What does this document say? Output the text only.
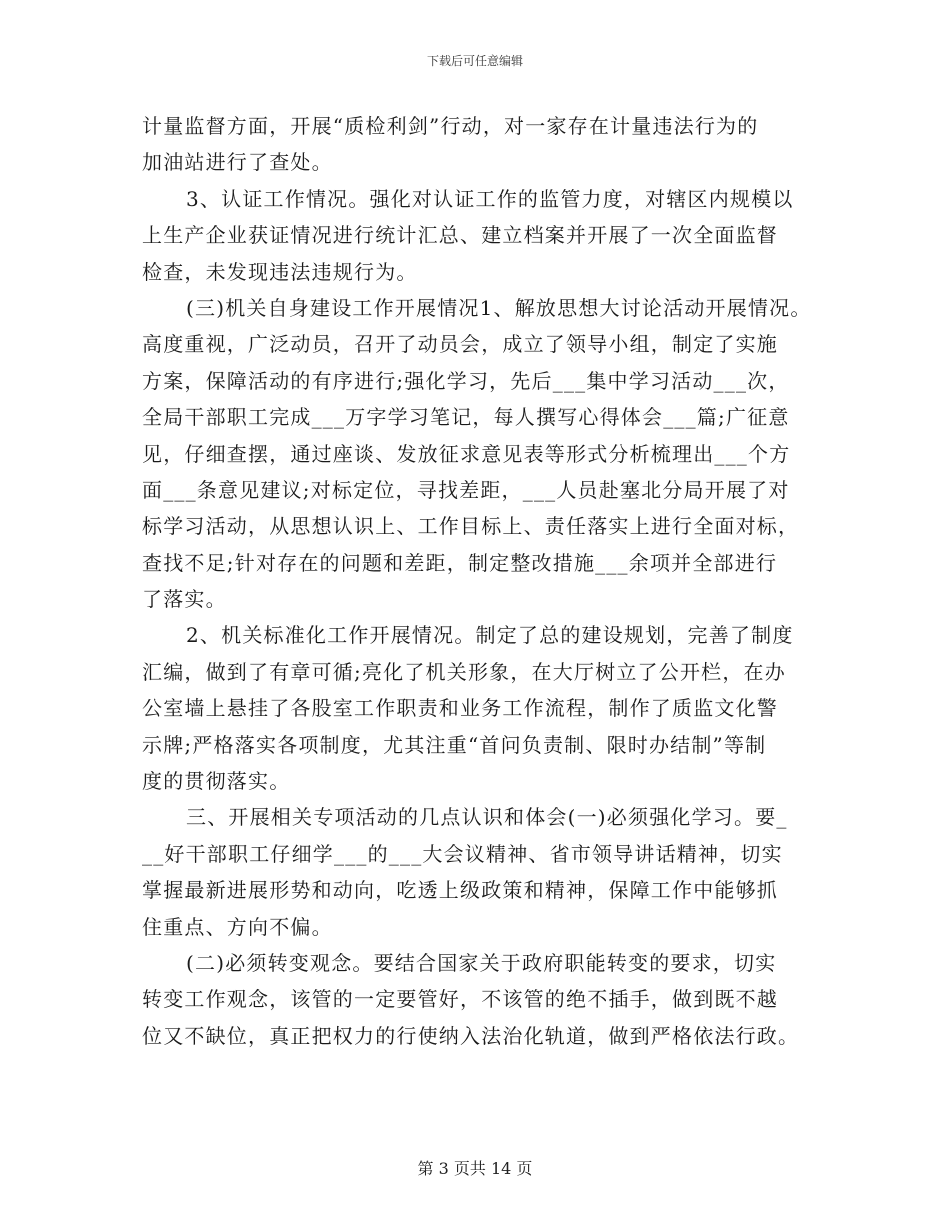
下载后可任意编辑
计量监督方面，开展“质检利剑”行动，对一家存在计量违法行为的
加油站进行了查处。
3、认证工作情况。强化对认证工作的监管力度，对辖区内规模以
上生产企业获证情况进行统计汇总、建立档案并开展了一次全面监督
检查，未发现违法违规行为。
(三)机关自身建设工作开展情况1、解放思想大讨论活动开展情况。
高度重视，广泛动员，召开了动员会，成立了领导小组，制定了实施
方案，保障活动的有序进行;强化学习，先后___集中学习活动___次，
全局干部职工完成___万字学习笔记，每人撰写心得体会___篇;广征意
见，仔细查摆，通过座谈、发放征求意见表等形式分析梳理出___个方
面___条意见建议;对标定位，寻找差距，___人员赴塞北分局开展了对
标学习活动，从思想认识上、工作目标上、责任落实上进行全面对标，
查找不足;针对存在的问题和差距，制定整改措施___余项并全部进行
了落实。
2、机关标准化工作开展情况。制定了总的建设规划，完善了制度
汇编，做到了有章可循;亮化了机关形象，在大厅树立了公开栏，在办
公室墙上悬挂了各股室工作职责和业务工作流程，制作了质监文化警
示牌;严格落实各项制度，尤其注重“首问负责制、限时办结制”等制
度的贯彻落实。
三、开展相关专项活动的几点认识和体会(一)必须强化学习。要_
__好干部职工仔细学___的___大会议精神、省市领导讲话精神，切实
掌握最新进展形势和动向，吃透上级政策和精神，保障工作中能够抓
住重点、方向不偏。
(二)必须转变观念。要结合国家关于政府职能转变的要求，切实
转变工作观念，该管的一定要管好，不该管的绝不插手，做到既不越
位又不缺位，真正把权力的行使纳入法治化轨道，做到严格依法行政。
第 3 页共 14 页
